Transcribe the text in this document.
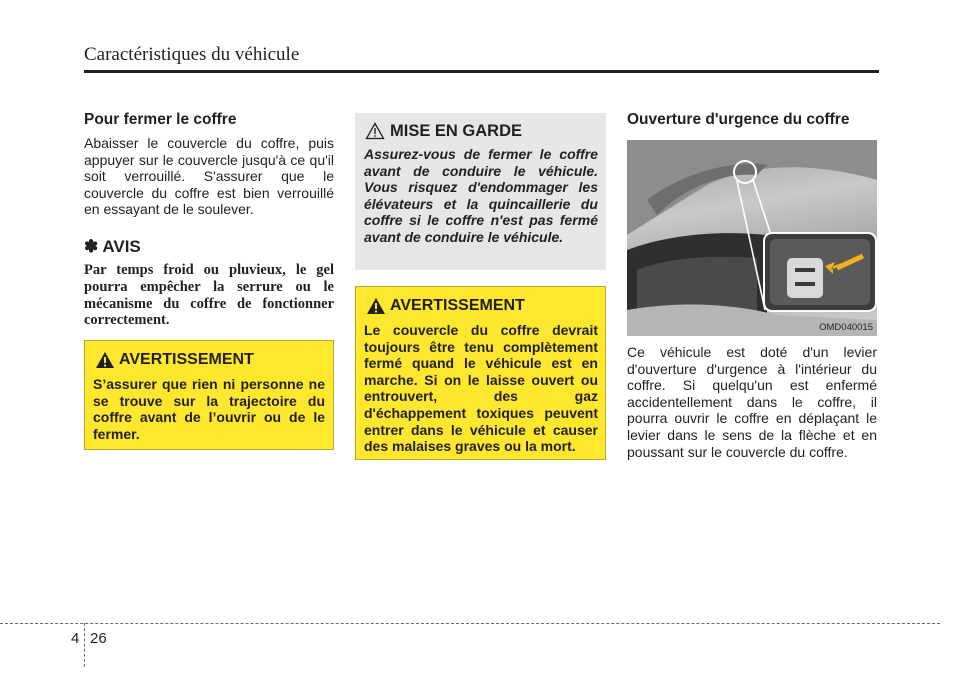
Caractéristiques du véhicule
Pour fermer le coffre
Abaisser le couvercle du coffre, puis appuyer sur le couvercle jusqu'à ce qu'il soit verrouillé. S'assurer que le couvercle du coffre est bien verrouillé en essayant de le soulever.
✽ AVIS
Par temps froid ou pluvieux, le gel pourra empêcher la serrure ou le mécanisme du coffre de fonctionner correctement.
AVERTISSEMENT
S’assurer que rien ni personne ne se trouve sur la trajectoire du coffre avant de l’ouvrir ou de le fermer.
MISE EN GARDE
Assurez-vous de fermer le coffre avant de conduire le véhicule. Vous risquez d'endommager les élévateurs et la quincaillerie du coffre si le coffre n'est pas fermé avant de conduire le véhicule.
AVERTISSEMENT
Le couvercle du coffre devrait toujours être tenu complètement fermé quand le véhicule est en marche. Si on le laisse ouvert ou entrouvert, des gaz d'échappement toxiques peuvent entrer dans le véhicule et causer des malaises graves ou la mort.
Ouverture d'urgence du coffre
OMD040015
Ce véhicule est doté d'un levier d'ouverture d'urgence à l'intérieur du coffre. Si quelqu'un est enfermé accidentellement dans le coffre, il pourra ouvrir le coffre en déplaçant le levier dans le sens de la flèche et en poussant sur le couvercle du coffre.
4 26
